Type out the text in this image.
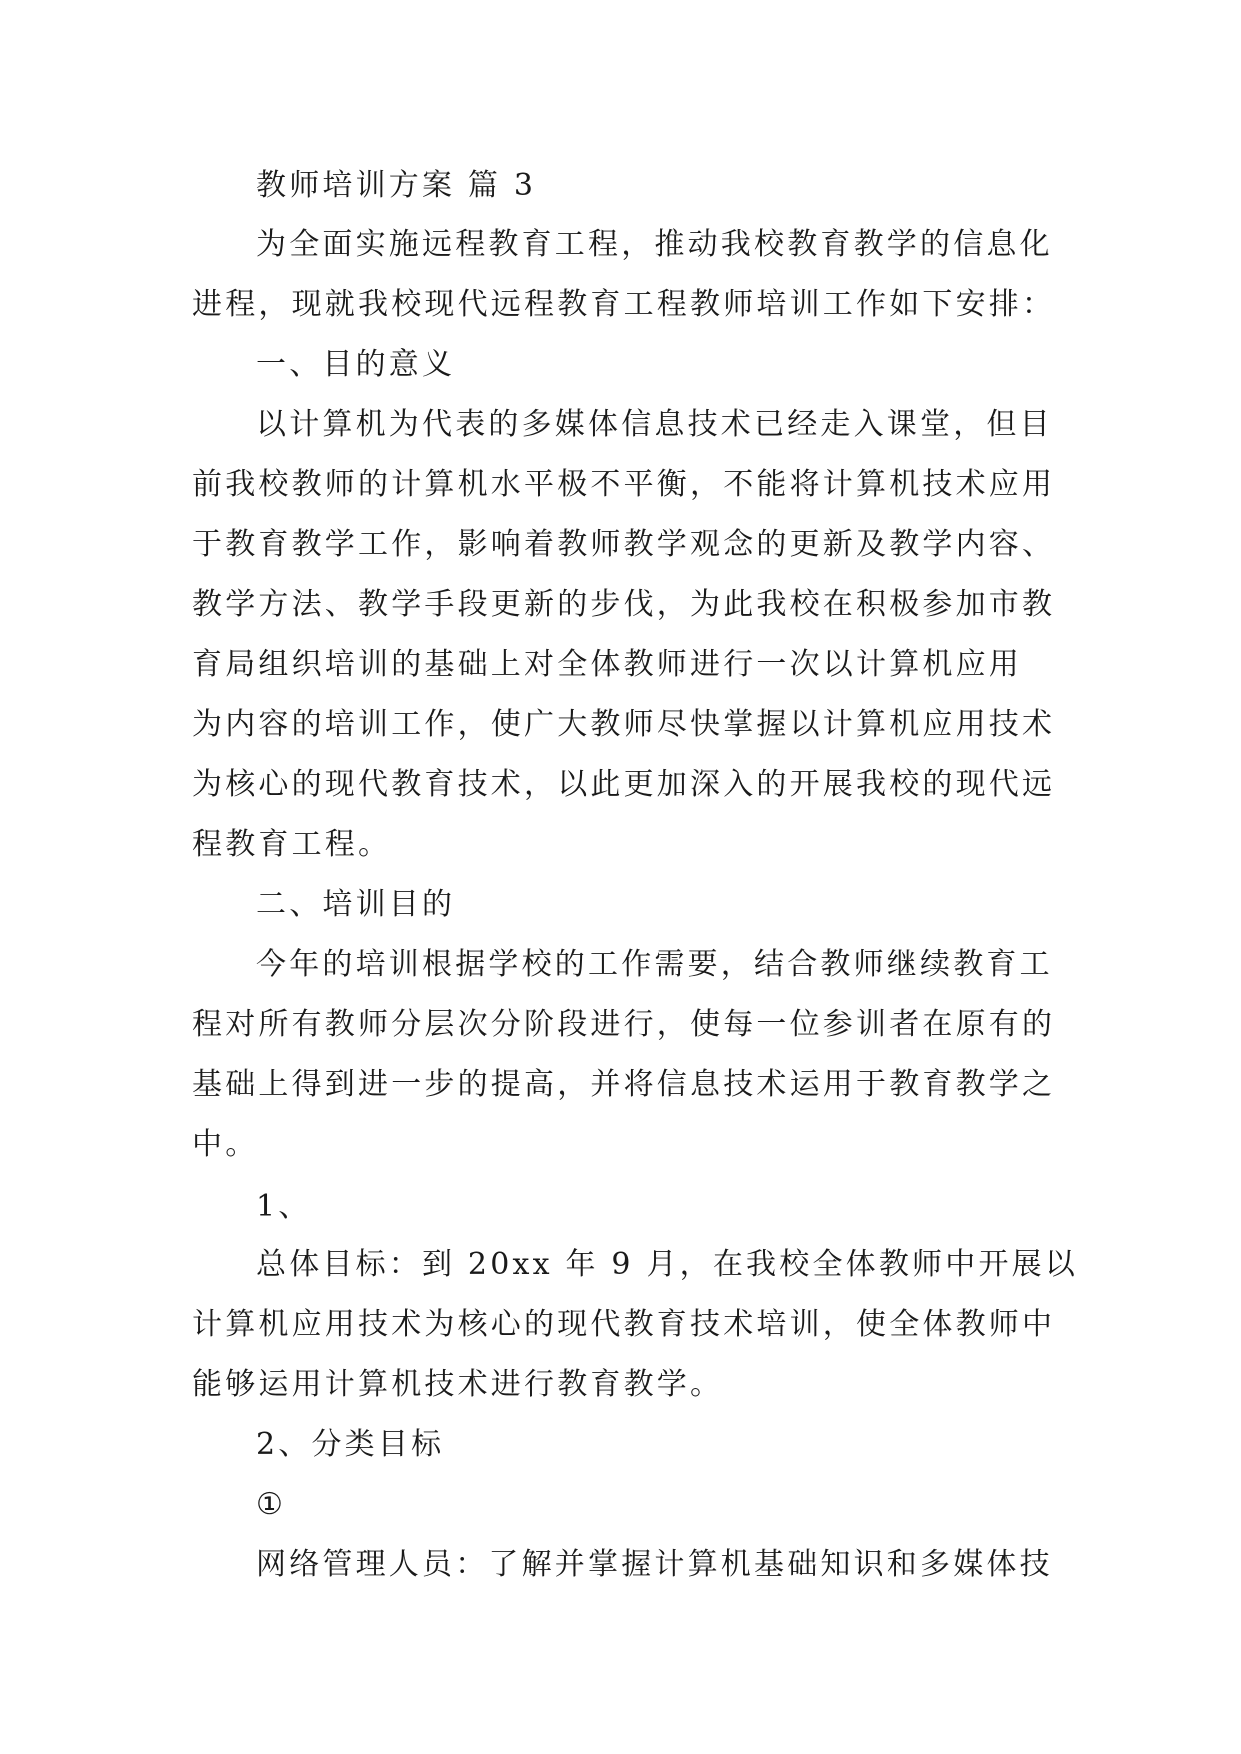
教师培训方案 篇 3
为全面实施远程教育工程，推动我校教育教学的信息化
进程，现就我校现代远程教育工程教师培训工作如下安排：
一、目的意义
以计算机为代表的多媒体信息技术已经走入课堂，但目
前我校教师的计算机水平极不平衡，不能将计算机技术应用
于教育教学工作，影响着教师教学观念的更新及教学内容、
教学方法、教学手段更新的步伐，为此我校在积极参加市教
育局组织培训的基础上对全体教师进行一次以计算机应用
为内容的培训工作，使广大教师尽快掌握以计算机应用技术
为核心的现代教育技术，以此更加深入的开展我校的现代远
程教育工程。
二、培训目的
今年的培训根据学校的工作需要，结合教师继续教育工
程对所有教师分层次分阶段进行，使每一位参训者在原有的
基础上得到进一步的提高，并将信息技术运用于教育教学之
中。
1、
总体目标：到 20xx 年 9 月，在我校全体教师中开展以
计算机应用技术为核心的现代教育技术培训，使全体教师中
能够运用计算机技术进行教育教学。
2、分类目标
①
网络管理人员：了解并掌握计算机基础知识和多媒体技
